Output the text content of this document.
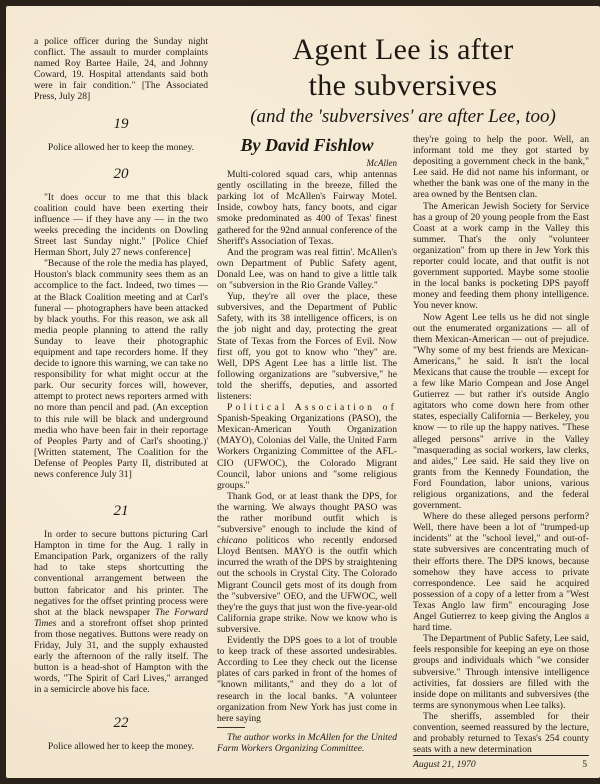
a police officer during the Sunday night conflict. The assault to murder complaints named Roy Bartee Haile, 24, and Johnny Coward, 19. Hospital attendants said both were in fair condition." [The Associated Press, July 28]

19

Police allowed her to keep the money.

20

"It does occur to me that this black coalition could have been exerting their influence — if they have any — in the two weeks preceding the incidents on Dowling Street last Sunday night." [Police Chief Herman Short, July 27 news conference]

"Because of the role the media has played, Houston's black community sees them as an accomplice to the fact. Indeed, two times — at the Black Coalition meeting and at Carl's funeral — photographers have been attacked by black youths. For this reason, we ask all media people planning to attend the rally Sunday to leave their photographic equipment and tape recorders home. If they decide to ignore this warning, we can take no responsibility for what might occur at the park. Our security forces will, however, attempt to protect news reporters armed with no more than pencil and pad. (An exception to this rule will be black and underground media who have been fair in their reportage of Peoples Party and of Carl's shooting.)' [Written statement, The Coalition for the Defense of Peoples Party II, distributed at news conference July 31]

21

In order to secure buttons picturing Carl Hampton in time for the Aug. 1 rally in Emancipation Park, organizers of the rally had to take steps shortcutting the conventional arrangement between the button fabricator and his printer. The negatives for the offset printing process were shot at the black newspaper The Forward Times and a storefront offset shop printed from those negatives. Buttons were ready on Friday, July 31, and the supply exhausted early the afternoon of the rally itself. The button is a head-shot of Hampton with the words, "The Spirit of Carl Lives," arranged in a semicircle above his face.

22

Police allowed her to keep the money.

Agent Lee is after
the subversives
(and the 'subversives' are after Lee, too)
By David Fishlow

McAllen

Multi-colored squad cars, whip antennas gently oscillating in the breeze, filled the parking lot of McAllen's Fairway Motel. Inside, cowboy hats, fancy boots, and cigar smoke predominated as 400 of Texas' finest gathered for the 92nd annual conference of the Sheriff's Association of Texas.

And the program was real fittin'. McAllen's own Department of Public Safety agent, Donald Lee, was on hand to give a little talk on "subversion in the Rio Grande Valley."

Yup, they're all over the place, these subversives, and the Department of Public Safety, with its 38 intelligence officers, is on the job night and day, protecting the great State of Texas from the Forces of Evil. Now first off, you got to know who "they" are. Well, DPS Agent Lee has a little list. The following organizations are "subversive," he told the sheriffs, deputies, and assorted listeners:

Political Association of Spanish-Speaking Organizations (PASO), the Mexican-American Youth Organization (MAYO), Colonias del Valle, the United Farm Workers Organizing Committee of the AFL-CIO (UFWOC), the Colorado Migrant Council, labor unions and "some religious groups."

Thank God, or at least thank the DPS, for the warning. We always thought PASO was the rather moribund outfit which is "subversive" enough to include the kind of chicano politicos who recently endorsed Lloyd Bentsen. MAYO is the outfit which incurred the wrath of the DPS by straightening out the schools in Crystal City. The Colorado Migrant Council gets most of its dough from the "subversive" OEO, and the UFWOC, well they're the guys that just won the five-year-old California grape strike. Now we know who is subversive.

Evidently the DPS goes to a lot of trouble to keep track of these assorted undesirables. According to Lee they check out the license plates of cars parked in front of the homes of "known militants," and they do a lot of research in the local banks. "A volunteer organization from New York has just come in here saying

The author works in McAllen for the United Farm Workers Organizing Committee.

they're going to help the poor. Well, an informant told me they got started by depositing a government check in the bank," Lee said. He did not name his informant, or whether the bank was one of the many in the area owned by the Bentsen clan.

The American Jewish Society for Service has a group of 20 young people from the East Coast at a work camp in the Valley this summer. That's the only "volunteer organization" from up there in Jew York this reporter could locate, and that outfit is not government supported. Maybe some stoolie in the local banks is pocketing DPS payoff money and feeding them phony intelligence. You never know.

Now Agent Lee tells us he did not single out the enumerated organizations — all of them Mexican-American — out of prejudice. "Why some of my best friends are Mexican-Americans," he said. It isn't the local Mexicans that cause the trouble — except for a few like Mario Compean and Jose Angel Gutierrez — but rather it's outside Anglo agitators who come down here from other states, especially California — Berkeley, you know — to rile up the happy natives. "These alleged persons" arrive in the Valley "masquerading as social workers, law clerks, and aides," Lee said. He said they live on grants from the Kennedy Foundation, the Ford Foundation, labor unions, various religious organizations, and the federal government.

Where do these alleged persons perform? Well, there have been a lot of "trumped-up incidents" at the "school level," and out-of-state subversives are concentrating much of their efforts there. The DPS knows, because somehow they have access to private correspondence. Lee said he acquired possession of a copy of a letter from a "West Texas Anglo law firm" encouraging Jose Angel Gutierrez to keep giving the Anglos a hard time.

The Department of Public Safety, Lee said, feels responsible for keeping an eye on those groups and individuals which "we consider subversive." Through intensive intelligence activities, fat dossiers are filled with the inside dope on militants and subversives (the terms are synonymous when Lee talks).

The sheriffs, assembled for their convention, seemed reassured by the lecture, and probably returned to Texas's 254 county seats with a new determination

August 21, 1970	5
